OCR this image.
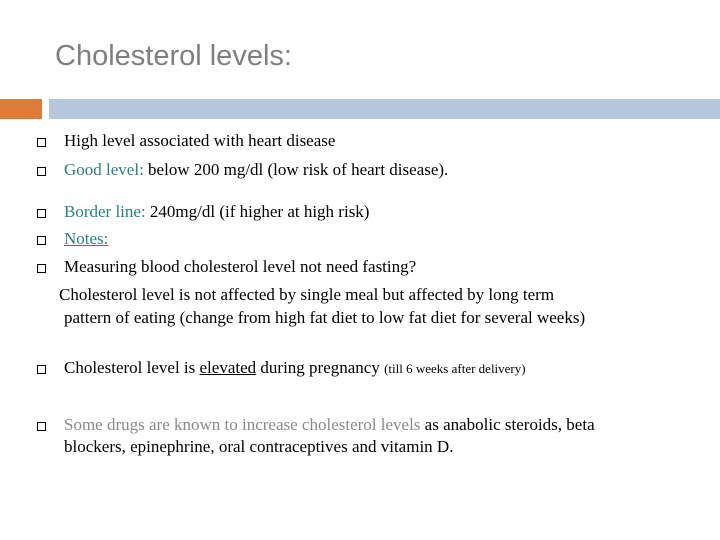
Cholesterol levels:
High level associated with heart disease
Good level: below 200 mg/dl (low risk of heart disease).
Border line: 240mg/dl (if higher at high risk)
Notes:
Measuring blood cholesterol level not need fasting?
Cholesterol level is not affected by single meal but affected by long term
pattern of eating (change from high fat diet to low fat diet for several weeks)
Cholesterol level is elevated during pregnancy (till 6 weeks after delivery)
Some drugs are known to increase cholesterol levels as anabolic steroids, beta
blockers, epinephrine, oral contraceptives and vitamin D.
